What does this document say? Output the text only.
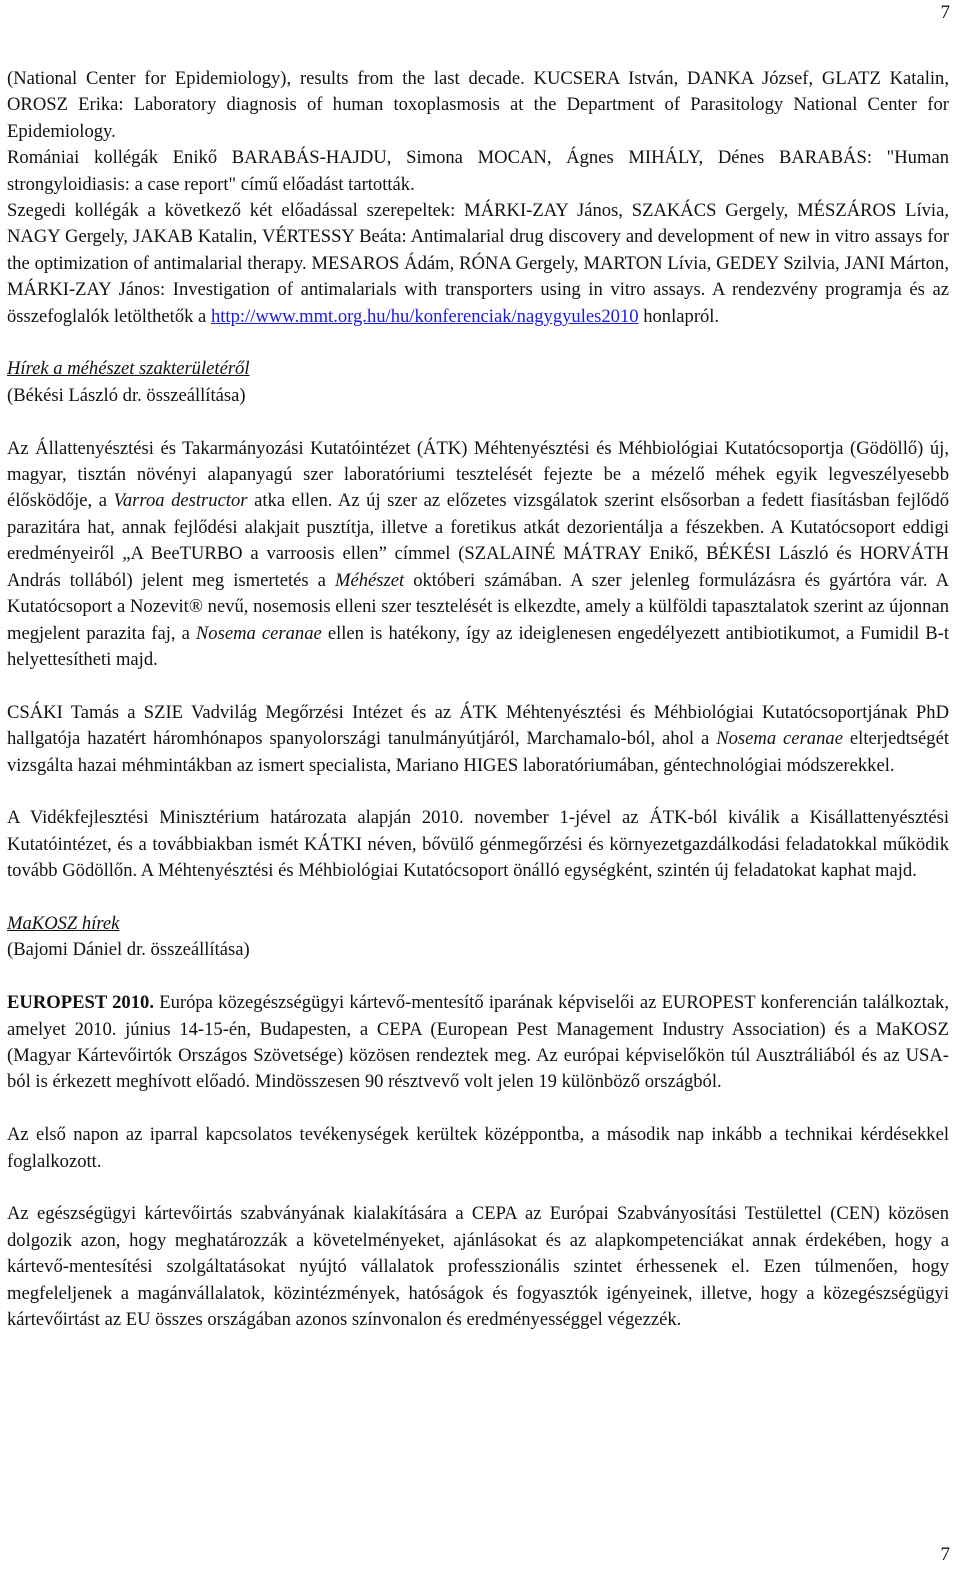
7

(National Center for Epidemiology), results from the last decade. KUCSERA István, DANKA József, GLATZ Katalin, OROSZ Erika: Laboratory diagnosis of human toxoplasmosis at the Department of Parasitology National Center for Epidemiology.

Romániai kollégák Enikő BARABÁS-HAJDU, Simona MOCAN, Ágnes MIHÁLY, Dénes BARABÁS: "Human strongyloidiasis: a case report" című előadást tartották.

Szegedi kollégák a következő két előadással szerepeltek: MÁRKI-ZAY János, SZAKÁCS Gergely, MÉSZÁROS Lívia, NAGY Gergely, JAKAB Katalin, VÉRTESSY Beáta: Antimalarial drug discovery and development of new in vitro assays for the optimization of antimalarial therapy. MESAROS Ádám, RÓNA Gergely, MARTON Lívia, GEDEY Szilvia, JANI Márton, MÁRKI-ZAY János: Investigation of antimalarials with transporters using in vitro assays. A rendezvény programja és az összefoglalók letölthetők a http://www.mmt.org.hu/hu/konferenciak/nagygyules2010 honlapról.

Hírek a méhészet szakterületéről

(Békési László dr. összeállítása)

Az Állattenyésztési és Takarmányozási Kutatóintézet (ÁTK) Méhtenyésztési és Méhbiológiai Kutatócsoportja (Gödöllő) új, magyar, tisztán növényi alapanyagú szer laboratóriumi tesztelését fejezte be a mézelő méhek egyik legveszélyesebb élősködője, a Varroa destructor atka ellen. Az új szer az előzetes vizsgálatok szerint elsősorban a fedett fiasításban fejlődő parazitára hat, annak fejlődési alakjait pusztítja, illetve a foretikus atkát dezorientálja a fészekben. A Kutatócsoport eddigi eredményeiről „A BeeTURBO a varroosis ellen” címmel (SZALAINÉ MÁTRAY Enikő, BÉKÉSI László és HORVÁTH András tollából) jelent meg ismertetés a Méhészet októberi számában. A szer jelenleg formulázásra és gyártóra vár. A Kutatócsoport a Nozevit® nevű, nosemosis elleni szer tesztelését is elkezdte, amely a külföldi tapasztalatok szerint az újonnan megjelent parazita faj, a Nosema ceranae ellen is hatékony, így az ideiglenesen engedélyezett antibiotikumot, a Fumidil B-t helyettesítheti majd.

CSÁKI Tamás a SZIE Vadvilág Megőrzési Intézet és az ÁTK Méhtenyésztési és Méhbiológiai Kutatócsoportjának PhD hallgatója hazatért háromhónapos spanyolországi tanulmányútjáról, Marchamalo-ból, ahol a Nosema ceranae elterjedtségét vizsgálta hazai méhmintákban az ismert specialista, Mariano HIGES laboratóriumában, géntechnológiai módszerekkel.

A Vidékfejlesztési Minisztérium határozata alapján 2010. november 1-jével az ÁTK-ból kiválik a Kisállattenyésztési Kutatóintézet, és a továbbiakban ismét KÁTKI néven, bővülő génmegőrzési és környezetgazdálkodási feladatokkal működik tovább Gödöllőn. A Méhtenyésztési és Méhbiológiai Kutatócsoport önálló egységként, szintén új feladatokat kaphat majd.

MaKOSZ hírek

(Bajomi Dániel dr. összeállítása)

EUROPEST 2010. Európa közegészségügyi kártevő-mentesítő iparának képviselői az EUROPEST konferencián találkoztak, amelyet 2010. június 14-15-én, Budapesten, a CEPA (European Pest Management Industry Association) és a MaKOSZ (Magyar Kártevőirtók Országos Szövetsége) közösen rendeztek meg. Az európai képviselőkön túl Ausztráliából és az USA-ból is érkezett meghívott előadó. Mindösszesen 90 résztvevő volt jelen 19 különböző országból.

Az első napon az iparral kapcsolatos tevékenységek kerültek középpontba, a második nap inkább a technikai kérdésekkel foglalkozott.

Az egészségügyi kártevőirtás szabványának kialakítására a CEPA az Európai Szabványosítási Testülettel (CEN) közösen dolgozik azon, hogy meghatározzák a követelményeket, ajánlásokat és az alapkompetenciákat annak érdekében, hogy a kártevő-mentesítési szolgáltatásokat nyújtó vállalatok professzionális szintet érhessenek el. Ezen túlmenően, hogy megfeleljenek a magánvállalatok, közintézmények, hatóságok és fogyasztók igényeinek, illetve, hogy a közegészségügyi kártevőirtást az EU összes országában azonos színvonalon és eredményességgel végezzék.

7
